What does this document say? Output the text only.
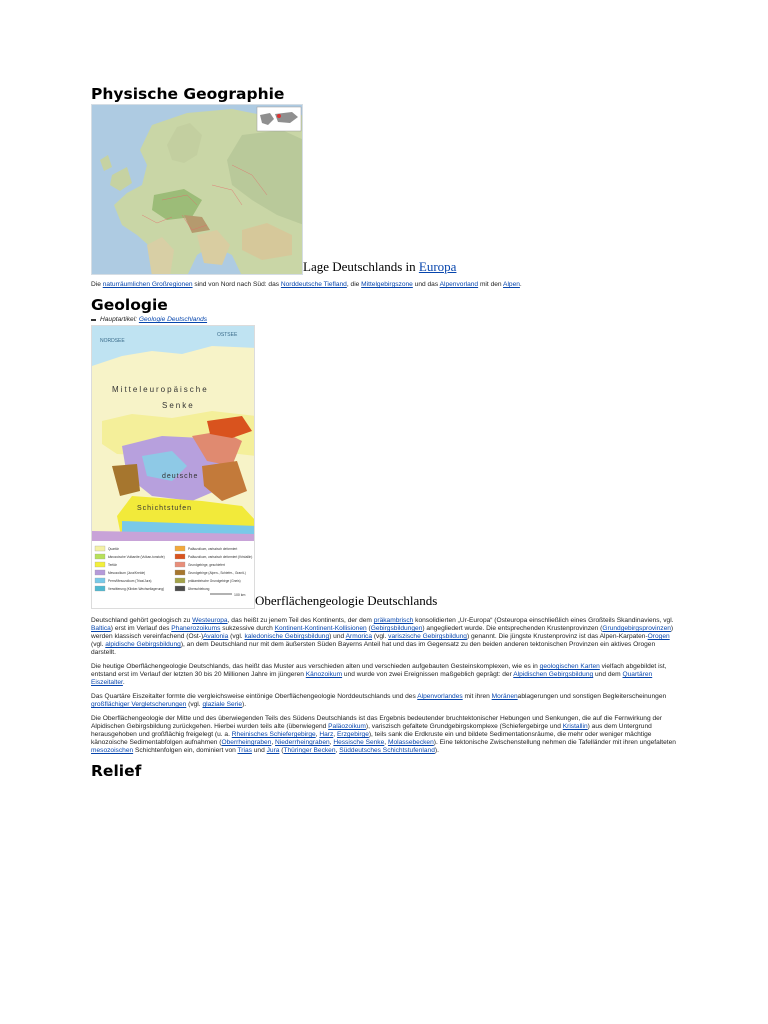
Physische Geographie
Lage Deutschlands in Europa

Die naturräumlichen Großregionen sind von Nord nach Süd: das Norddeutsche Tiefland, die Mittelgebirgszone und das Alpenvorland mit den Alpen.

Geologie
Hauptartikel:
Geologie Deutschlands
NORDSEE
OSTSEE
Mitteleuropäische
Senke
deutsche
Schichtstufen
Quartär
känozoische Vulkanite (Vulkan-tonstufe)
Tertiär
Mesozoikum (Jura/Kreide)
Perm/Mesozoikum (Trias/Jura)
Verwitterung (Klinker-Wechsellagerung)
Paläozoikum, variszisch deformiert
Paläozoikum, variszisch deformiert (Kristallin)
Grundgebirge, geschiefert
Grundgebirge (Alpen-, Schiefer-, Granit-)
präkambrische Grundgebirge (Gneis)
Überschiebung
100 km Oberflächengeologie Deutschlands

Deutschland gehört geologisch zu Westeuropa, das heißt zu jenem Teil des Kontinents, der dem präkambrisch konsolidierten „Ur-Europa“ (Osteuropa einschließlich eines Großteils Skandinaviens, vgl. Baltica) erst im Verlauf des Phanerozoikums sukzessive durch Kontinent-Kontinent-Kollisionen (Gebirgsbildungen) angegliedert wurde. Die entsprechenden Krustenprovinzen (Grundgebirgsprovinzen) werden klassisch vereinfachend (Ost-)Avalonia (vgl. kaledonische Gebirgsbildung) und Armorica (vgl. variszische Gebirgsbildung) genannt. Die jüngste Krustenprovinz ist das Alpen-Karpaten-Orogen (vgl. alpidische Gebirgsbildung), an dem Deutschland nur mit dem äußersten Süden Bayerns Anteil hat und das im Gegensatz zu den beiden anderen tektonischen Provinzen ein aktives Orogen darstellt.

Die heutige Oberflächengeologie Deutschlands, das heißt das Muster aus verschieden alten und verschieden aufgebauten Gesteinskomplexen, wie es in geologischen Karten vielfach abgebildet ist, entstand erst im Verlauf der letzten 30 bis 20 Millionen Jahre im jüngeren Känozoikum und wurde von zwei Ereignissen maßgeblich geprägt: der Alpidischen Gebirgsbildung und dem Quartären Eiszeitalter.

Das Quartäre Eiszeitalter formte die vergleichsweise eintönige Oberflächengeologie Norddeutschlands und des Alpenvorlandes mit ihren Moränenablagerungen und sonstigen Begleiterscheinungen großflächiger Vergletscherungen (vgl. glaziale Serie).

Die Oberflächengeologie der Mitte und des überwiegenden Teils des Südens Deutschlands ist das Ergebnis bedeutender bruchtektonischer Hebungen und Senkungen, die auf die Fernwirkung der Alpidischen Gebirgsbildung zurückgehen. Hierbei wurden teils alte (überwiegend Paläozoikum), variszisch gefaltete Grundgebirgskomplexe (Schiefergebirge und Kristallin) aus dem Untergrund herausgehoben und großflächig freigelegt (u. a. Rheinisches Schiefergebirge, Harz, Erzgebirge), teils sank die Erdkruste ein und bildete Sedimentationsräume, die mehr oder weniger mächtige känozoische Sedimentabfolgen aufnahmen (Oberrheingraben, Niederrheingraben, Hessische Senke, Molassebecken). Eine tektonische Zwischenstellung nehmen die Tafelländer mit ihren ungefalteten mesozoischen Schichtenfolgen ein, dominiert von Trias und Jura (Thüringer Becken, Süddeutsches Schichtstufenland).

Relief
